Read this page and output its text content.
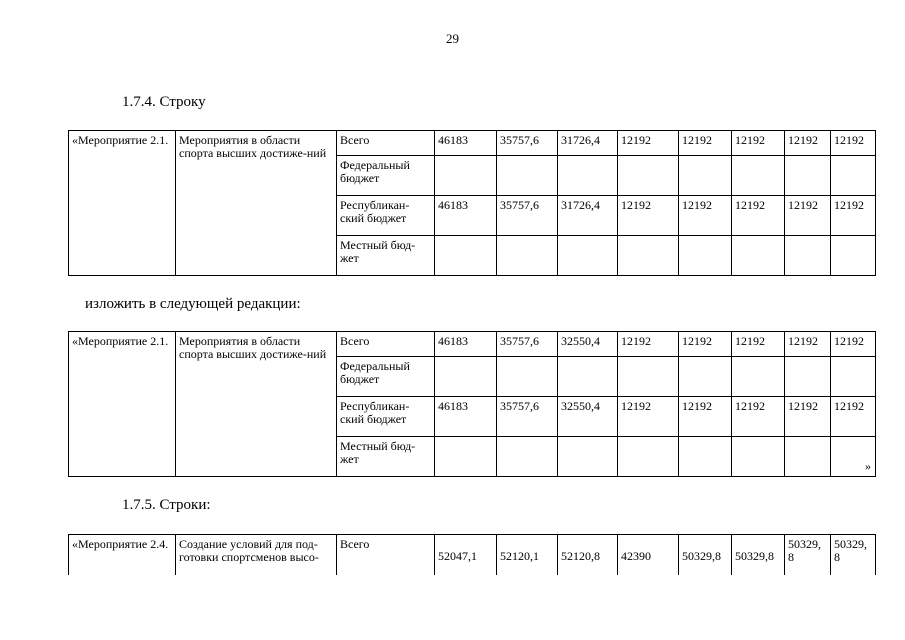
29
1.7.4. Строку
«Мероприятие 2.1.	Мероприятия в области спорта высших достиже-ний	Всего	46183	35757,6	31726,4	12192	12192	12192	12192	12192
		Федеральный бюджет								
		Республикан-ский бюджет	46183	35757,6	31726,4	12192	12192	12192	12192	12192
		Местный бюд-жет								
изложить в следующей редакции:
«Мероприятие 2.1.	Мероприятия в области спорта высших достиже-ний	Всего	46183	35757,6	32550,4	12192	12192	12192	12192	12192
		Федеральный бюджет								
		Республикан-ский бюджет	46183	35757,6	32550,4	12192	12192	12192	12192	12192
		Местный бюд-жет								»
1.7.5. Строки:
«Мероприятие 2.4.	Создание условий для под-готовки спортсменов высо-	Всего	52047,1	52120,1	52120,8	42390	50329,8	50329,8	50329, 8	50329, 8
